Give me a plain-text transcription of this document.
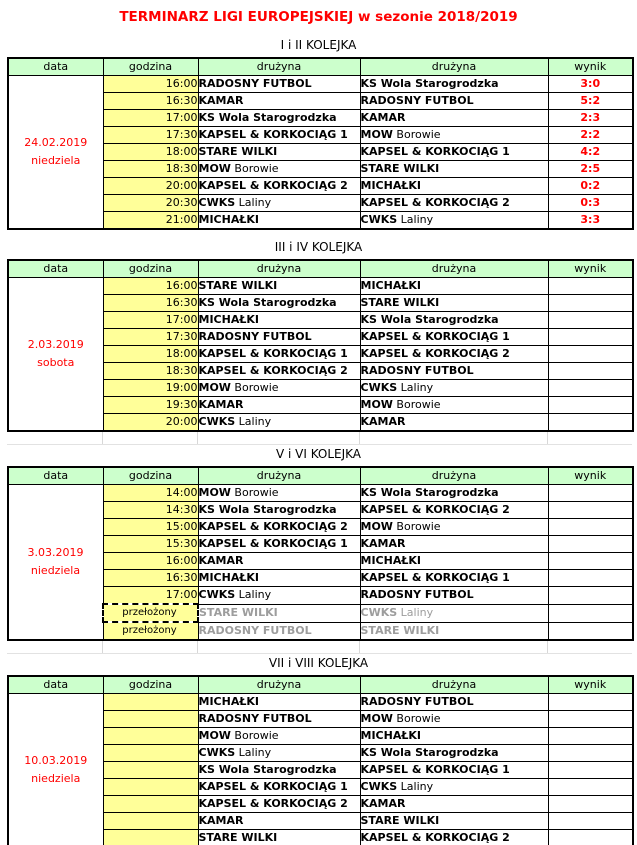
TERMINARZ LIGI EUROPEJSKIEJ w sezonie 2018/2019
I i II KOLEJKA
data	godzina	drużyna	drużyna	wynik

24.02.2019
niedziela	16:00	RADOSNY FUTBOL	KS Wola Starogrodzka	3:0
	16:30	KAMAR	RADOSNY FUTBOL	5:2
	17:00	KS Wola Starogrodzka	KAMAR	2:3
	17:30	KAPSEL & KORKOCIĄG 1	MOW Borowie	2:2
	18:00	STARE WILKI	KAPSEL & KORKOCIĄG 1	4:2
	18:30	MOW Borowie	STARE WILKI	2:5
	20:00	KAPSEL & KORKOCIĄG 2	MICHAŁKI	0:2
	20:30	CWKS Laliny	KAPSEL & KORKOCIĄG 2	0:3
	21:00	MICHAŁKI	CWKS Laliny	3:3
III i IV KOLEJKA
data	godzina	drużyna	drużyna	wynik

2.03.2019
sobota	16:00	STARE WILKI	MICHAŁKI	
	16:30	KS Wola Starogrodzka	STARE WILKI	
	17:00	MICHAŁKI	KS Wola Starogrodzka	
	17:30	RADOSNY FUTBOL	KAPSEL & KORKOCIĄG 1	
	18:00	KAPSEL & KORKOCIĄG 1	KAPSEL & KORKOCIĄG 2	
	18:30	KAPSEL & KORKOCIĄG 2	RADOSNY FUTBOL	
	19:00	MOW Borowie	CWKS Laliny	
	19:30	KAMAR	MOW Borowie	
	20:00	CWKS Laliny	KAMAR	
V i VI KOLEJKA
data	godzina	drużyna	drużyna	wynik

3.03.2019
niedziela	14:00	MOW Borowie	KS Wola Starogrodzka	
	14:30	KS Wola Starogrodzka	KAPSEL & KORKOCIĄG 2	
	15:00	KAPSEL & KORKOCIĄG 2	MOW Borowie	
	15:30	KAPSEL & KORKOCIĄG 1	KAMAR	
	16:00	KAMAR	MICHAŁKI	
	16:30	MICHAŁKI	KAPSEL & KORKOCIĄG 1	
	17:00	CWKS Laliny	RADOSNY FUTBOL	
	przełożony	STARE WILKI	CWKS Laliny	
	przełożony	RADOSNY FUTBOL	STARE WILKI	
VII i VIII KOLEJKA
data	godzina	drużyna	drużyna	wynik

10.03.2019
niedziela		MICHAŁKI	RADOSNY FUTBOL	
		RADOSNY FUTBOL	MOW Borowie	
		MOW Borowie	MICHAŁKI	
		CWKS Laliny	KS Wola Starogrodzka	
		KS Wola Starogrodzka	KAPSEL & KORKOCIĄG 1	
		KAPSEL & KORKOCIĄG 1	CWKS Laliny	
		KAPSEL & KORKOCIĄG 2	KAMAR	
		KAMAR	STARE WILKI	
		STARE WILKI	KAPSEL & KORKOCIĄG 2	
